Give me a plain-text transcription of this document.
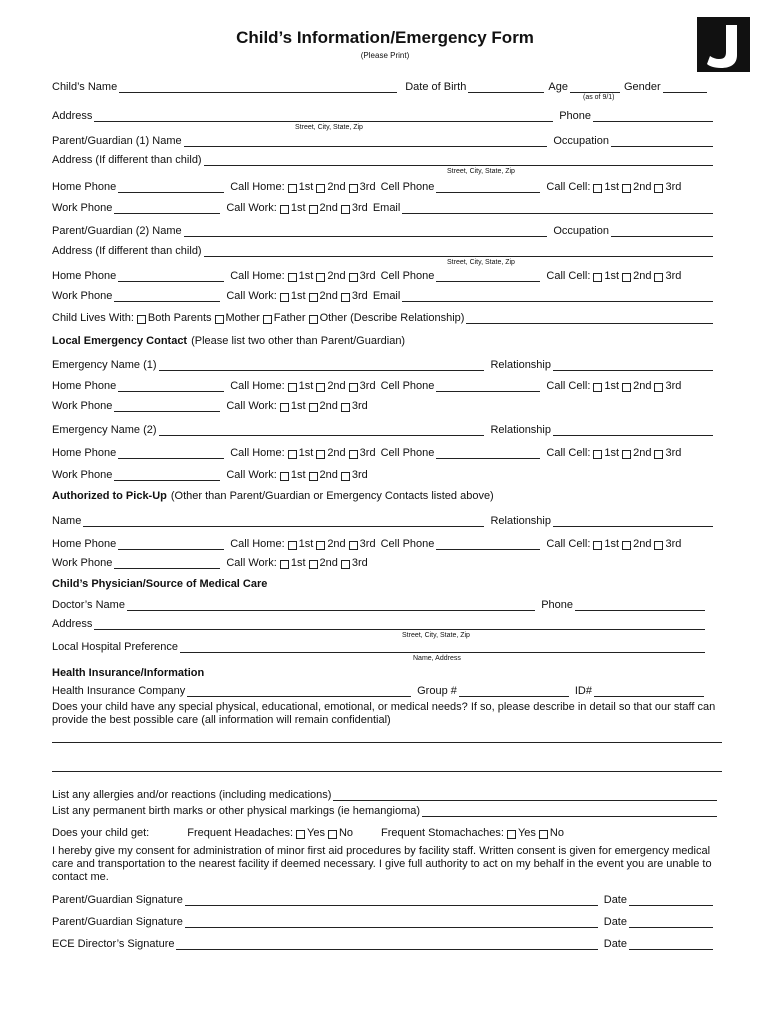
Child’s Information/Emergency Form
(Please Print)
Child’s Name	Date of Birth	Age	Gender
(as of 9/1)
Address	Phone
Street, City, State, Zip
Parent/Guardian (1) Name	Occupation
Address (If different than child)
Street, City, State, Zip
Home Phone	Call Home: 1st 2nd 3rd Cell Phone	Call Cell: 1st 2nd 3rd
Work Phone	Call Work: 1st 2nd 3rd Email
Parent/Guardian (2) Name	Occupation
Address (If different than child)
Street, City, State, Zip
Home Phone	Call Home: 1st 2nd 3rd Cell Phone	Call Cell: 1st 2nd 3rd
Work Phone	Call Work: 1st 2nd 3rd Email
Child Lives With: Both Parents Mother Father Other (Describe Relationship)
Local Emergency Contact (Please list two other than Parent/Guardian)
Emergency Name (1)	Relationship
Home Phone	Call Home: 1st 2nd 3rd Cell Phone	Call Cell: 1st 2nd 3rd
Work Phone	Call Work: 1st 2nd 3rd
Emergency Name (2)	Relationship
Home Phone	Call Home: 1st 2nd 3rd Cell Phone	Call Cell: 1st 2nd 3rd
Work Phone	Call Work: 1st 2nd 3rd
Authorized to Pick-Up (Other than Parent/Guardian or Emergency Contacts listed above)
Name	Relationship
Home Phone	Call Home: 1st 2nd 3rd Cell Phone	Call Cell: 1st 2nd 3rd
Work Phone	Call Work: 1st 2nd 3rd
Child’s Physician/Source of Medical Care
Doctor’s Name	Phone
Address
Street, City, State, Zip
Local Hospital Preference
Name, Address
Health Insurance/Information
Health Insurance Company	Group #	ID#
Does your child have any special physical, educational, emotional, or medical needs? If so, please describe in detail so that our staff can provide the best possible care (all information will remain confidential)
List any allergies and/or reactions (including medications)
List any permanent birth marks or other physical markings (ie hemangioma)
Does your child get:	Frequent Headaches: Yes No	Frequent Stomachaches: Yes No
I hereby give my consent for administration of minor first aid procedures by facility staff. Written consent is given for emergency medical care and transportation to the nearest facility if deemed necessary. I give full authority to act on my behalf in the event you are unable to contact me.
Parent/Guardian Signature	Date
Parent/Guardian Signature	Date
ECE Director’s Signature	Date
